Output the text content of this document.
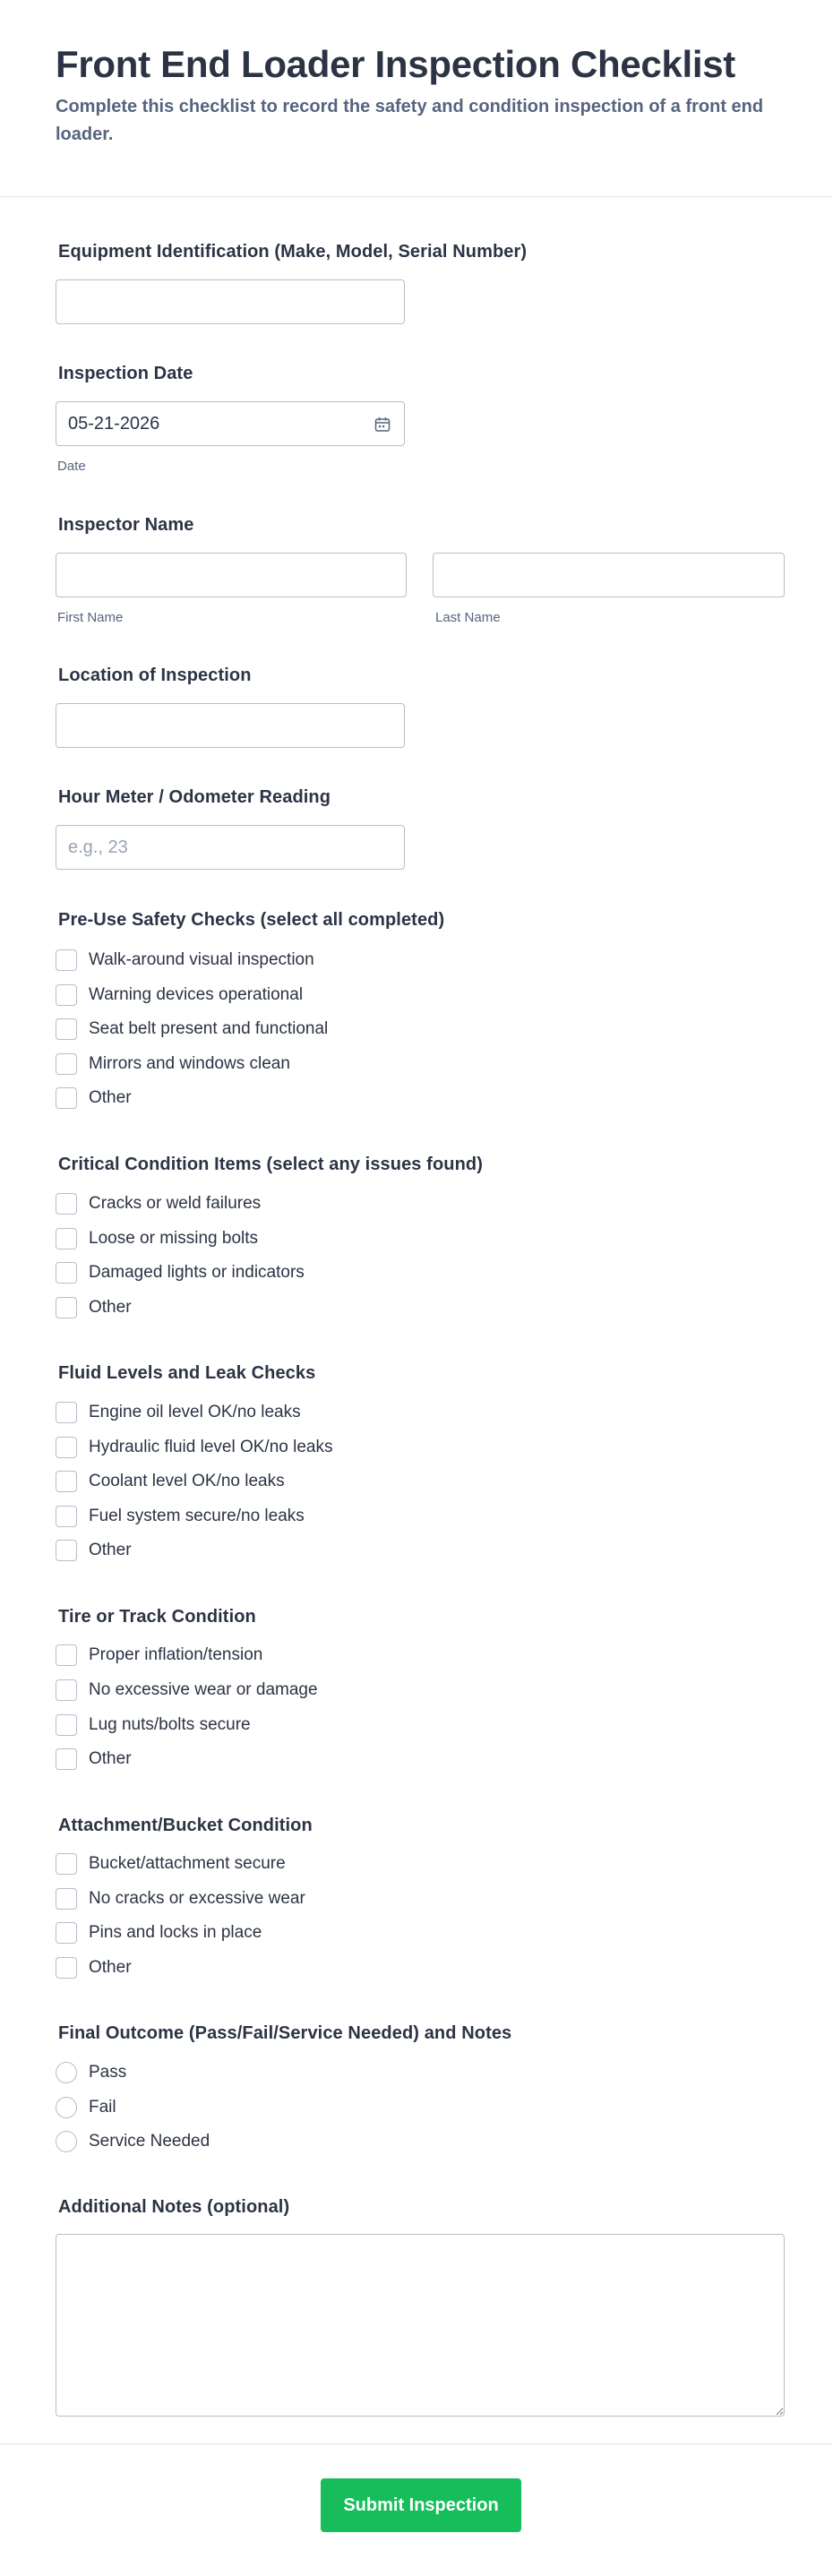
Front End Loader Inspection Checklist

Complete this checklist to record the safety and condition inspection of a front end loader.

Equipment Identification (Make, Model, Serial Number)
Inspection Date
05-21-2026
Date
Inspector Name
First Name	Last Name
Location of Inspection
Hour Meter / Odometer Reading
e.g., 23
Pre-Use Safety Checks (select all completed)
Walk-around visual inspection
Warning devices operational
Seat belt present and functional
Mirrors and windows clean
Other
Critical Condition Items (select any issues found)
Cracks or weld failures
Loose or missing bolts
Damaged lights or indicators
Other
Fluid Levels and Leak Checks
Engine oil level OK/no leaks
Hydraulic fluid level OK/no leaks
Coolant level OK/no leaks
Fuel system secure/no leaks
Other
Tire or Track Condition
Proper inflation/tension
No excessive wear or damage
Lug nuts/bolts secure
Other
Attachment/Bucket Condition
Bucket/attachment secure
No cracks or excessive wear
Pins and locks in place
Other
Final Outcome (Pass/Fail/Service Needed) and Notes
Pass
Fail
Service Needed
Additional Notes (optional)
Submit Inspection
